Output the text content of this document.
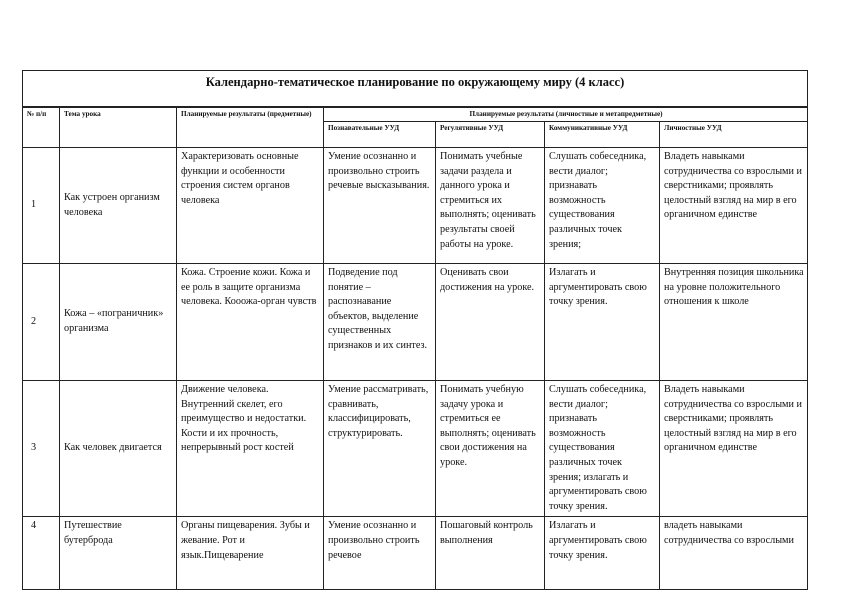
Календарно-тематическое планирование по окружающему миру (4 класс)
№ п/п	Тема урока	Планируемые результаты (предметные)	Планируемые результаты (личностные и метапредметные)			
			Познавательные УУД	Регулятивные УУД	Коммуникативные УУД	Личностные УУД
1	Как устроен организм человека	Характеризовать основные функции и особенности строения систем органов человека	Умение осознанно и произвольно строить речевые высказывания.	Понимать учебные задачи раздела и данного урока и стремиться их выполнять; оценивать результаты своей работы на уроке.	Слушать собеседника, вести диалог; признавать возможность существования различных точек зрения;	Владеть навыками сотрудничества со взрослыми и сверстниками; проявлять целостный взгляд на мир в его органичном единстве
2	Кожа – «пограничник» организма	Кожа. Строение кожи. Кожа и ее роль в защите организма человека. Кооожа-орган чувств	Подведение под понятие – распознавание объектов, выделение существенных признаков и их синтез.	Оценивать свои достижения на уроке.	Излагать и аргументировать свою точку зрения.	Внутренняя позиция школьника на уровне положительного отношения к школе
3	Как человек двигается	Движение человека. Внутренний скелет, его преимущество и недостатки. Кости и их прочность, непрерывный рост костей	Умение рассматривать, сравнивать, классифицировать, структурировать.	Понимать учебную задачу урока и стремиться ее выполнять; оценивать свои достижения на уроке.	Слушать собеседника, вести диалог; признавать возможность существования различных точек зрения; излагать и аргументировать свою точку зрения.	Владеть навыками сотрудничества со взрослыми и сверстниками; проявлять целостный взгляд на мир в его органичном единстве
4	Путешествие бутерброда	Органы пищеварения. Зубы и жевание. Рот и язык.Пищеварение	Умение осознанно и произвольно строить речевое	Пошаговый контроль выполнения	Излагать и аргументировать свою точку зрения.	владеть навыками сотрудничества со взрослыми
